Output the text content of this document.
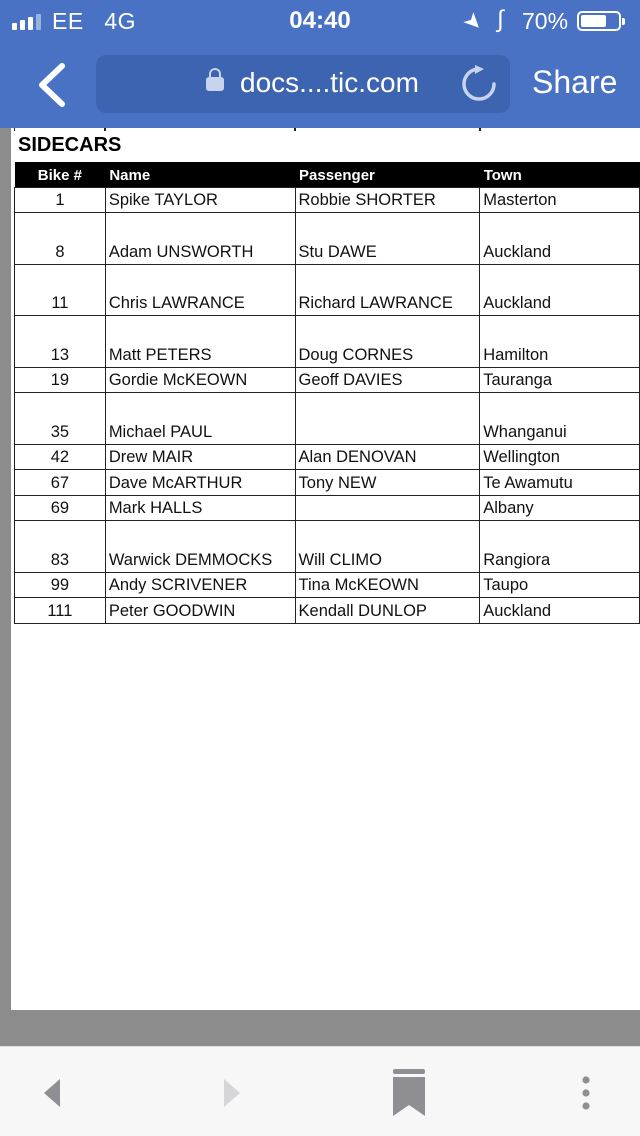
EE 4G	04:40	➤ ∫ 70%
docs....tic.com	Share
SIDECARS
Bike #	Name	Passenger	Town
1	Spike TAYLOR	Robbie SHORTER	Masterton
8	Adam UNSWORTH	Stu DAWE	Auckland
11	Chris LAWRANCE	Richard LAWRANCE	Auckland
13	Matt PETERS	Doug CORNES	Hamilton
19	Gordie McKEOWN	Geoff DAVIES	Tauranga
35	Michael PAUL		Whanganui
42	Drew MAIR	Alan DENOVAN	Wellington
67	Dave McARTHUR	Tony NEW	Te Awamutu
69	Mark HALLS		Albany
83	Warwick DEMMOCKS	Will CLIMO	Rangiora
99	Andy SCRIVENER	Tina McKEOWN	Taupo
111	Peter GOODWIN	Kendall DUNLOP	Auckland
